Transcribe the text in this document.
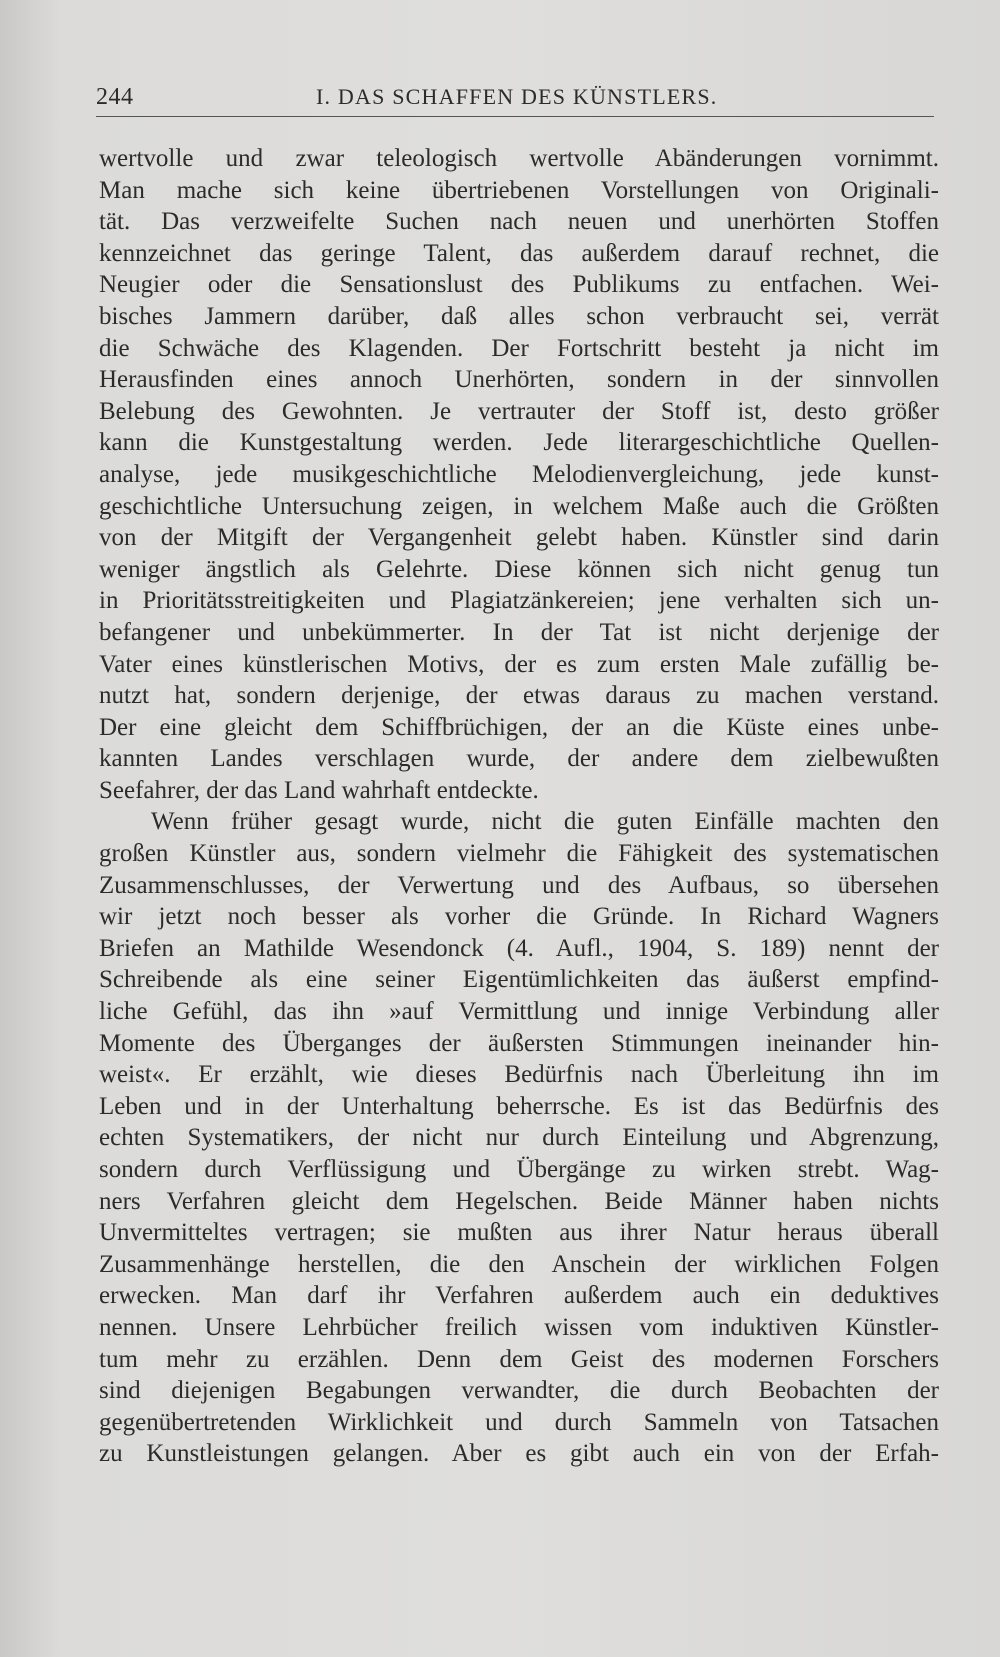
244	I. DAS SCHAFFEN DES KÜNSTLERS.
wertvolle und zwar teleologisch wertvolle Abänderungen vornimmt.
Man mache sich keine übertriebenen Vorstellungen von Originali-
tät. Das verzweifelte Suchen nach neuen und unerhörten Stoffen
kennzeichnet das geringe Talent, das außerdem darauf rechnet, die
Neugier oder die Sensationslust des Publikums zu entfachen. Wei-
bisches Jammern darüber, daß alles schon verbraucht sei, verrät
die Schwäche des Klagenden. Der Fortschritt besteht ja nicht im
Herausfinden eines annoch Unerhörten, sondern in der sinnvollen
Belebung des Gewohnten. Je vertrauter der Stoff ist, desto größer
kann die Kunstgestaltung werden. Jede literargeschichtliche Quellen-
analyse, jede musikgeschichtliche Melodienvergleichung, jede kunst-
geschichtliche Untersuchung zeigen, in welchem Maße auch die Größten
von der Mitgift der Vergangenheit gelebt haben. Künstler sind darin
weniger ängstlich als Gelehrte. Diese können sich nicht genug tun
in Prioritätsstreitigkeiten und Plagiatzänkereien; jene verhalten sich un-
befangener und unbekümmerter. In der Tat ist nicht derjenige der
Vater eines künstlerischen Motivs, der es zum ersten Male zufällig be-
nutzt hat, sondern derjenige, der etwas daraus zu machen verstand.
Der eine gleicht dem Schiffbrüchigen, der an die Küste eines unbe-
kannten Landes verschlagen wurde, der andere dem zielbewußten
Seefahrer, der das Land wahrhaft entdeckte.
Wenn früher gesagt wurde, nicht die guten Einfälle machten den
großen Künstler aus, sondern vielmehr die Fähigkeit des systematischen
Zusammenschlusses, der Verwertung und des Aufbaus, so übersehen
wir jetzt noch besser als vorher die Gründe. In Richard Wagners
Briefen an Mathilde Wesendonck (4. Aufl., 1904, S. 189) nennt der
Schreibende als eine seiner Eigentümlichkeiten das äußerst empfind-
liche Gefühl, das ihn »auf Vermittlung und innige Verbindung aller
Momente des Überganges der äußersten Stimmungen ineinander hin-
weist«. Er erzählt, wie dieses Bedürfnis nach Überleitung ihn im
Leben und in der Unterhaltung beherrsche. Es ist das Bedürfnis des
echten Systematikers, der nicht nur durch Einteilung und Abgrenzung,
sondern durch Verflüssigung und Übergänge zu wirken strebt. Wag-
ners Verfahren gleicht dem Hegelschen. Beide Männer haben nichts
Unvermitteltes vertragen; sie mußten aus ihrer Natur heraus überall
Zusammenhänge herstellen, die den Anschein der wirklichen Folgen
erwecken. Man darf ihr Verfahren außerdem auch ein deduktives
nennen. Unsere Lehrbücher freilich wissen vom induktiven Künstler-
tum mehr zu erzählen. Denn dem Geist des modernen Forschers
sind diejenigen Begabungen verwandter, die durch Beobachten der
gegenübertretenden Wirklichkeit und durch Sammeln von Tatsachen
zu Kunstleistungen gelangen. Aber es gibt auch ein von der Erfah-
